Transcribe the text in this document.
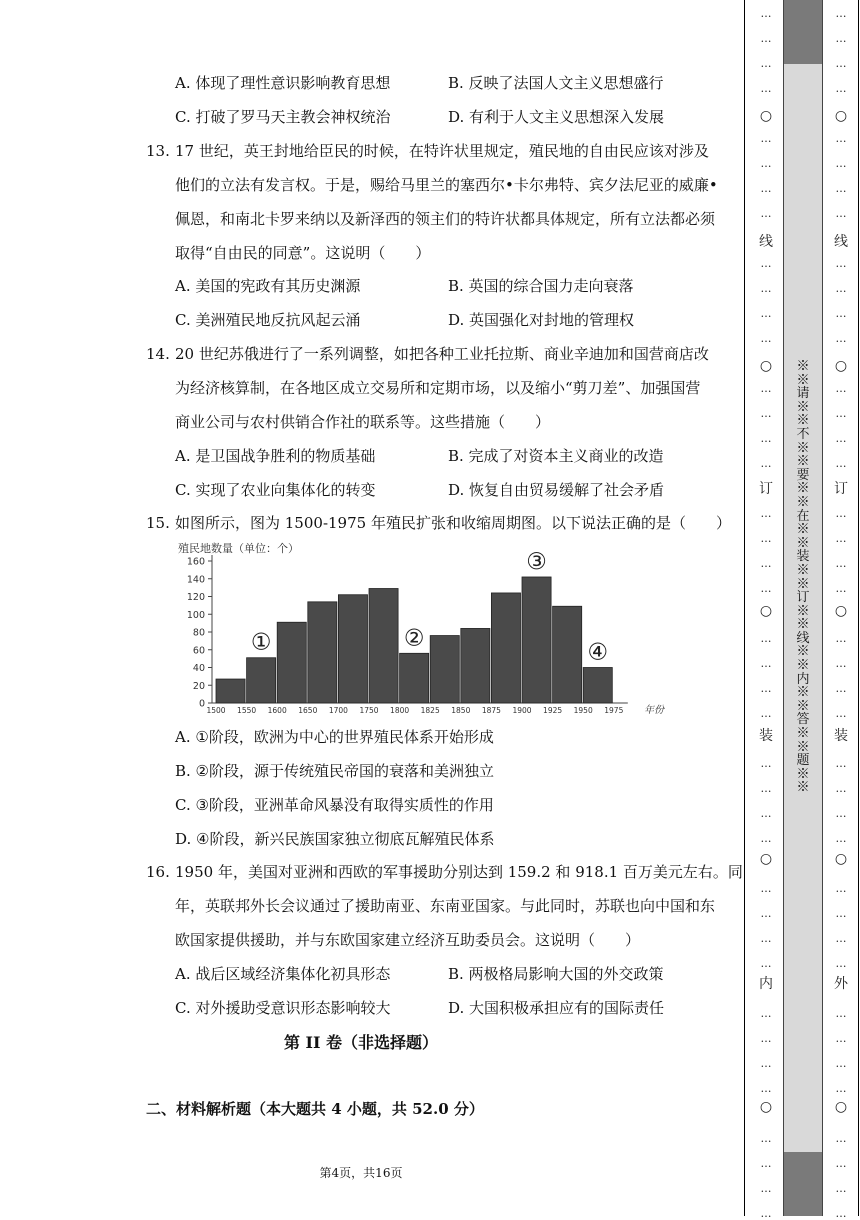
A. 体现了理性意识影响教育思想	B. 反映了法国人文主义思想盛行
C. 打破了罗马天主教会神权统治	D. 有利于人文主义思想深入发展
13. 17 世纪，英王封地给臣民的时候，在特许状里规定，殖民地的自由民应该对涉及
他们的立法有发言权。于是，赐给马里兰的塞西尔•卡尔弗特、宾夕法尼亚的威廉•
佩恩，和南北卡罗来纳以及新泽西的领主们的特许状都具体规定，所有立法都必须
取得“自由民的同意”。这说明（　　）
A. 美国的宪政有其历史渊源	B. 英国的综合国力走向衰落
C. 美洲殖民地反抗风起云涌	D. 英国强化对封地的管理权
14. 20 世纪苏俄进行了一系列调整，如把各种工业托拉斯、商业辛迪加和国营商店改
为经济核算制，在各地区成立交易所和定期市场，以及缩小“剪刀差”、加强国营
商业公司与农村供销合作社的联系等。这些措施（　　）
A. 是卫国战争胜利的物质基础	B. 完成了对资本主义商业的改造
C. 实现了农业向集体化的转变	D. 恢复自由贸易缓解了社会矛盾
15. 如图所示，图为 1500-1975 年殖民扩张和收缩周期图。以下说法正确的是（　　）
殖民地数量（单位：个）
年份
0
20
40
60
80
100
120
140
160
1500 1550 1600 1650 1700 1750 1800 1825 1850 1875 1900 1925 1950 1975
①	②
③
④
A. ①阶段，欧洲为中心的世界殖民体系开始形成
B. ②阶段，源于传统殖民帝国的衰落和美洲独立
C. ③阶段，亚洲革命风暴没有取得实质性的作用
D. ④阶段，新兴民族国家独立彻底瓦解殖民体系
16. 1950 年，美国对亚洲和西欧的军事援助分别达到 159.2 和 918.1 百万美元左右。同
年，英联邦外长会议通过了援助南亚、东南亚国家。与此同时，苏联也向中国和东
欧国家提供援助，并与东欧国家建立经济互助委员会。这说明（　　）
A. 战后区域经济集体化初具形态	B. 两极格局影响大国的外交政策
C. 对外援助受意识形态影响较大	D. 大国积极承担应有的国际责任
第 II 卷（非选择题）
二、材料解析题（本大题共 4 小题，共 52.0 分）
第4页，共16页
…
…
…
…
…
…
…
…
…
…
…
…
…
…
…
…
…
…
…
…
…
…
…
…
…
…
…
…
…
…
…
…
…
…
…
…
…
…
…
…
○
线
○
订
○
装
○
内
○
※※请※※不※※要※※在※※装※※订※※线※※内※※答※※题※※
…
…
…
…
…
…
…
…
…
…
…
…
…
…
…
…
…
…
…
…
…
…
…
…
…
…
…
…
…
…
…
…
…
…
…
…
…
…
…
…
○
线
○
订
○
装
○
外
○
